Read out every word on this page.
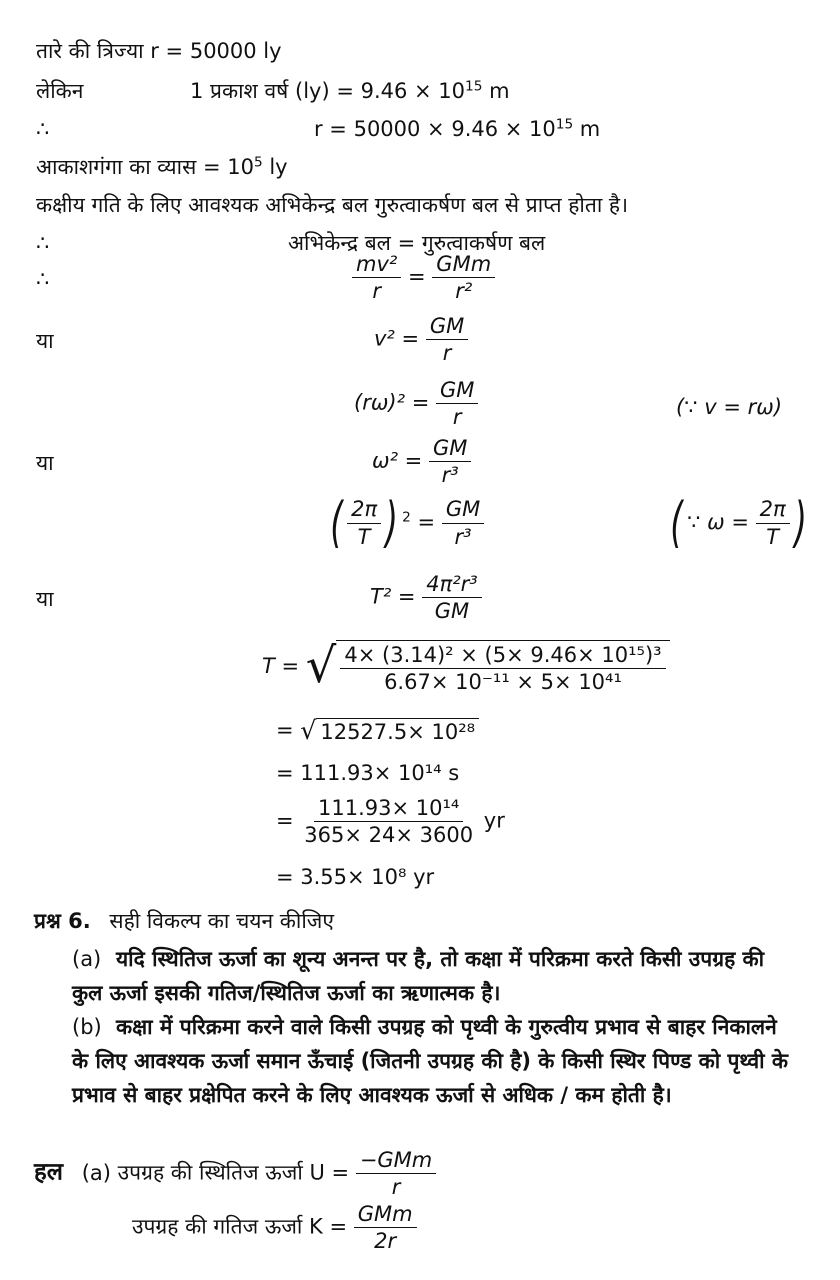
तारे की त्रिज्या r = 50000 ly
लेकिन	1 प्रकाश वर्ष $(ly) = 9.46 \times 10^{15}$ m
∴	$r = 50000 \times 9.46 \times 10^{15}$ m
आकाशगंगा का व्यास = $10^5$ ly
कक्षीय गति के लिए आवश्यक अभिकेन्द्र बल गुरुत्वाकर्षण बल से प्राप्त होता है।
∴	अभिकेन्द्र बल = गुरुत्वाकर्षण बल
∴	$\frac{\text{mv²}}{r} = \frac{\text{GMm}}{\text{r²}}$
या	$v^2 = \frac{GM}{r}$
$(r\omega)^2 = \frac{GM}{r}$	(∵ v = rω)
या	$\omega^2 = \frac{GM}{\text{r³}}$
( $\frac{2\pi}{T}$ ) $^2 = \frac{GM}{\text{r³}}$	( ∵ $\omega = \frac{2\pi}{T}$ )
या	$T^2 = \frac{\text{4π²r³}}{GM}$
T = √ $\frac{\text{4× (3.14)² × (5× 9.46× 10¹⁵)³}}{\text{6.67× 10⁻¹¹ × 5× 10⁴¹}}$
= √ 12527.5× 10²⁸
= 111.93× 10¹⁴ s
= $\frac{\text{111.93× 10¹⁴}}{365\times 24\times 3600}$ yr
= 3.55× 10⁸ yr
प्रश्न 6. सही विकल्प का चयन कीजिए
(a) यदि स्थितिज ऊर्जा का शून्य अनन्त पर है, तो कक्षा में परिक्रमा करते किसी उपग्रह की कुल ऊर्जा इसकी गतिज/स्थितिज ऊर्जा का ऋणात्मक है।
(b) कक्षा में परिक्रमा करने वाले किसी उपग्रह को पृथ्वी के गुरुत्वीय प्रभाव से बाहर निकालने के लिए आवश्यक ऊर्जा समान ऊँचाई (जितनी उपग्रह की है) के किसी स्थिर पिण्ड को पृथ्वी के प्रभाव से बाहर प्रक्षेपित करने के लिए आवश्यक ऊर्जा से अधिक / कम होती है।
हल (a) उपग्रह की स्थितिज ऊर्जा $U = \frac{\text{−GMm}}{r}$
उपग्रह की गतिज ऊर्जा $K = \frac{\text{GMm}}{2r}$
